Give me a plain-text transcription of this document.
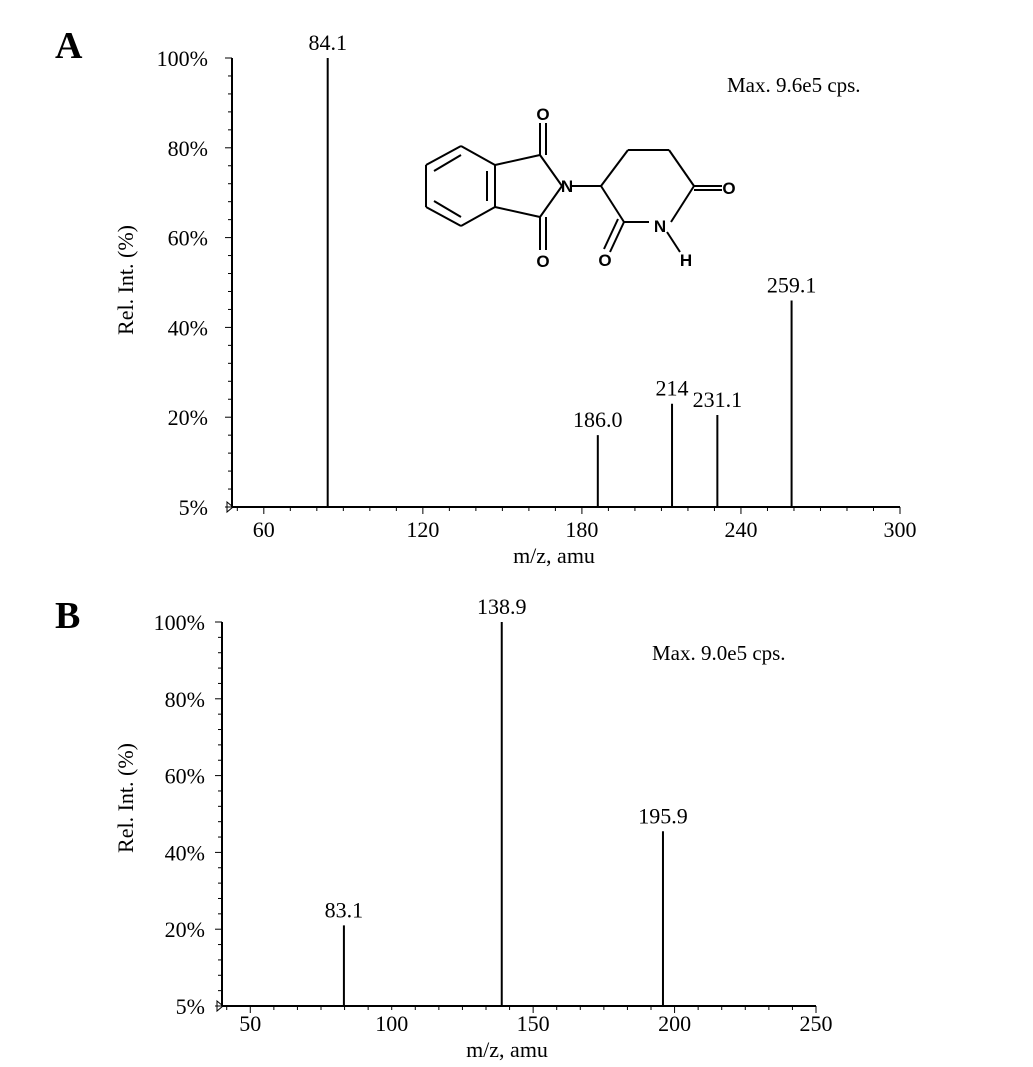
A
5%
20%
40%
60%
80%
100%
60	120	180	240	300
m/z, amu
Rel. Int. (%)
Max. 9.6e5 cps.
84.1
186.0
214 231.1
259.1
B
5%
20%
40%
60%
80%
100%
50	100	150	200	250
m/z, amu
Rel. Int. (%)
Max. 9.0e5 cps.
83.1
138.9
195.9
O
N
O	O
O
N
H
